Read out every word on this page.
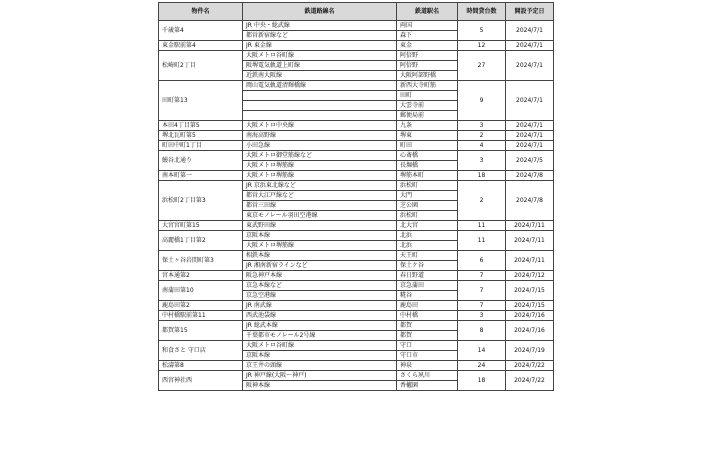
物件名	鉄道路線名	鉄道駅名	時間貸台数	開設予定日
千歳第4	JR 中央・総武線	両国	5	2024/7/1
	都営新宿線など	森下		
東金駅前第4	JR 東金線	東金	12	2024/7/1
松崎町2丁目	大阪メトロ谷町線	阿倍野	27	2024/7/1
	阪堺電気軌道上町線	阿倍野		
	近鉄南大阪線	大阪阿部野橋		
田町第13	岡山電気軌道清輝橋線	新西大寺町筋	9	2024/7/1
		田町		
		大雲寺前		
		郵便局前		
本田4丁目第5	大阪メトロ中央線	九条	3	2024/7/1
堺北瓦町第5	南海高野線	堺東	2	2024/7/1
町田中町1丁目	小田急線	町田	4	2024/7/1
鰻谷北通り	大阪メトロ御堂筋線など	心斎橋	3	2024/7/5
	大阪メトロ堺筋線	長堀橋		
南本町第一	大阪メトロ堺筋線	堺筋本町	18	2024/7/8
浜松町2丁目第3	JR 京浜東北線など	浜松町	2	2024/7/8
	都営大江戸線など	大門		
	都営三田線	芝公園		
	東京モノレール羽田空港線	浜松町		
大宮宮町第15	東武野田線	北大宮	11	2024/7/11
高麗橋1丁目第2	京阪本線	北浜	11	2024/7/11
	大阪メトロ堺筋線	北浜		
保土ヶ谷岩間町第3	相鉄本線	天王町	6	2024/7/11
	JR 湘南新宿ラインなど	保土ケ谷		
宮本通第2	阪急神戸本線	春日野道	7	2024/7/12
南蒲田第10	京急本線など	京急蒲田	7	2024/7/15
	京急空港線	糀谷		
鹿島田第2	JR 南武線	鹿島田	7	2024/7/15
中村橋駅前第11	西武池袋線	中村橋	3	2024/7/16
都賀第15	JR 総武本線	都賀	8	2024/7/16
	千葉都市モノレール2号線	都賀		
和食さと 守口店	大阪メトロ谷町線	守口	14	2024/7/19
	京阪本線	守口市		
松濤第8	京王井の頭線	神泉	24	2024/7/22
西宮神社西	JR 神戸線(大阪～神戸)	さくら夙川	18	2024/7/22
	阪神本線	香櫨園		
